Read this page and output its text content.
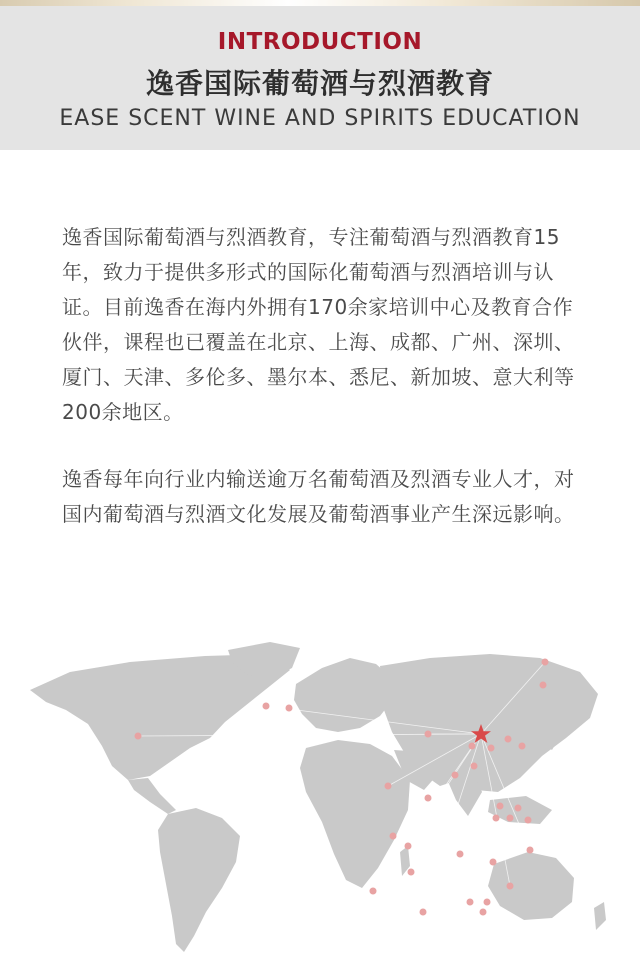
INTRODUCTION
逸香国际葡萄酒与烈酒教育
EASE SCENT WINE AND SPIRITS EDUCATION
逸香国际葡萄酒与烈酒教育，专注葡萄酒与烈酒教育15年，致力于提供多形式的国际化葡萄酒与烈酒培训与认证。目前逸香在海内外拥有170余家培训中心及教育合作伙伴，课程也已覆盖在北京、上海、成都、广州、深圳、厦门、天津、多伦多、墨尔本、悉尼、新加坡、意大利等200余地区。
逸香每年向行业内输送逾万名葡萄酒及烈酒专业人才，对国内葡萄酒与烈酒文化发展及葡萄酒事业产生深远影响。
